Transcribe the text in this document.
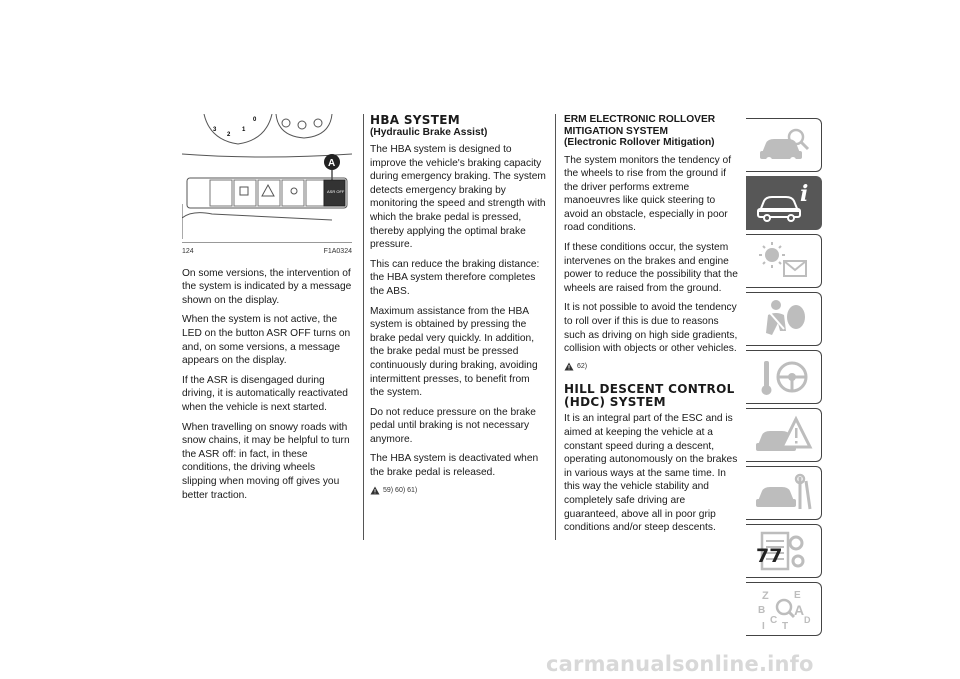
3
2
1
0
A
ASR OFF
124	F1A0324

On some versions, the intervention of the system is indicated by a message shown on the display.

When the system is not active, the LED on the button ASR OFF turns on and, on some versions, a message appears on the display.

If the ASR is disengaged during driving, it is automatically reactivated when the vehicle is next started.

When travelling on snowy roads with snow chains, it may be helpful to turn the ASR off: in fact, in these conditions, the driving wheels slipping when moving off gives you better traction.

HBA SYSTEM
(Hydraulic Brake Assist)

The HBA system is designed to improve the vehicle's braking capacity during emergency braking. The system detects emergency braking by monitoring the speed and strength with which the brake pedal is pressed, thereby applying the optimal brake pressure.

This can reduce the braking distance: the HBA system therefore completes the ABS.

Maximum assistance from the HBA system is obtained by pressing the brake pedal very quickly. In addition, the brake pedal must be pressed continuously during braking, avoiding intermittent presses, to benefit from the system.

Do not reduce pressure on the brake pedal until braking is not necessary anymore.

The HBA system is deactivated when the brake pedal is released.

59) 60) 61)
ERM ELECTRONIC ROLLOVER
MITIGATION SYSTEM
(Electronic Rollover Mitigation)

The system monitors the tendency of the wheels to rise from the ground if the driver performs extreme manoeuvres like quick steering to avoid an obstacle, especially in poor road conditions.

If these conditions occur, the system intervenes on the brakes and engine power to reduce the possibility that the wheels are raised from the ground.

It is not possible to avoid the tendency to roll over if this is due to reasons such as driving on high side gradients, collision with objects or other vehicles.

62)
HILL DESCENT CONTROL
(HDC) SYSTEM

It is an integral part of the ESC and is aimed at keeping the vehicle at a constant speed during a descent, operating autonomously on the brakes in various ways at the same time. In this way the vehicle stability and completely safe driving are guaranteed, above all in poor grip conditions and/or steep descents.

i
Z	E
B A
C	D
T
I
77
carmanualsonline.info
